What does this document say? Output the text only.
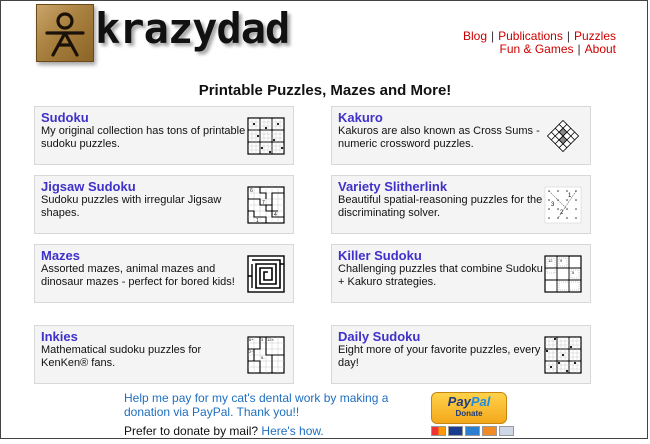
krazydad	Blog | Publications | Puzzles
Fun & Games | About
Printable Puzzles, Mazes and More!
Sudoku
My original collection has tons of printable sudoku puzzles.
Kakuro
Kakuros are also known as Cross Sums - numeric crossword puzzles.
Jigsaw Sudoku
Sudoku puzzles with irregular Jigsaw shapes.
6
7
4
1
Variety Slitherlink
Beautiful spatial-reasoning puzzles for the discriminating solver.
1
3
2
Mazes
Assorted mazes, animal mazes and dinosaur mazes - perfect for bored kids!
Killer Sudoku
Challenging puzzles that combine Sudoku + Kakuro strategies.
12 9
5
Inkies
Mathematical sudoku puzzles for KenKen® fans.
6+ 3 12×
2÷
5-
Daily Sudoku
Eight more of your favorite puzzles, every day!
Help me pay for my cat's dental work by making a donation via PayPal. Thank you!!
Prefer to donate by mail? Here's how.
PayPal
Donate
